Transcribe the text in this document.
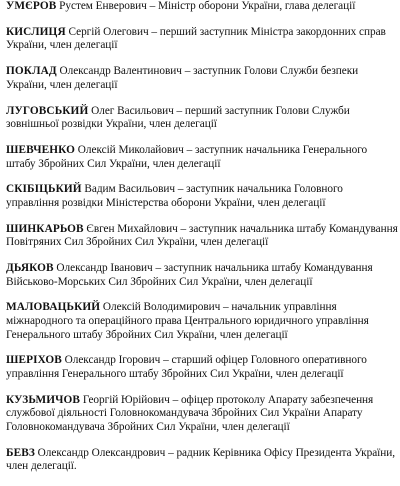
УМЄРОВ Рустем Енверович – Міністр оборони України, глава делегації

КИСЛИЦЯ Сергій Олегович – перший заступник Міністра закордонних справ України, член делегації

ПОКЛАД Олександр Валентинович – заступник Голови Служби безпеки України, член делегації

ЛУГОВСЬКИЙ Олег Васильович – перший заступник Голови Служби зовнішньої розвідки України, член делегації

ШЕВЧЕНКО Олексій Миколайович – заступник начальника Генерального штабу Збройних Сил України, член делегації

СКІБІЦЬКИЙ Вадим Васильович – заступник начальника Головного управління розвідки Міністерства оборони України, член делегації

ШИНКАРЬОВ Євген Михайлович – заступник начальника штабу Командування Повітряних Сил Збройних Сил України, член делегації

ДЬЯКОВ Олександр Іванович – заступник начальника штабу Командування Військово-Морських Сил Збройних Сил України, член делегації

МАЛОВАЦЬКИЙ Олексій Володимирович – начальник управління міжнародного та операційного права Центрального юридичного управління Генерального штабу Збройних Сил України, член делегації

ШЕРІХОВ Олександр Ігорович – старший офіцер Головного оперативного управління Генерального штабу Збройних Сил України, член делегації

КУЗЬМИЧОВ Георгій Юрійович – офіцер протоколу Апарату забезпечення службової діяльності Головнокомандувача Збройних Сил України Апарату Головнокомандувача Збройних Сил України, член делегації

БЕВЗ Олександр Олександрович – радник Керівника Офісу Президента України, член делегації.
